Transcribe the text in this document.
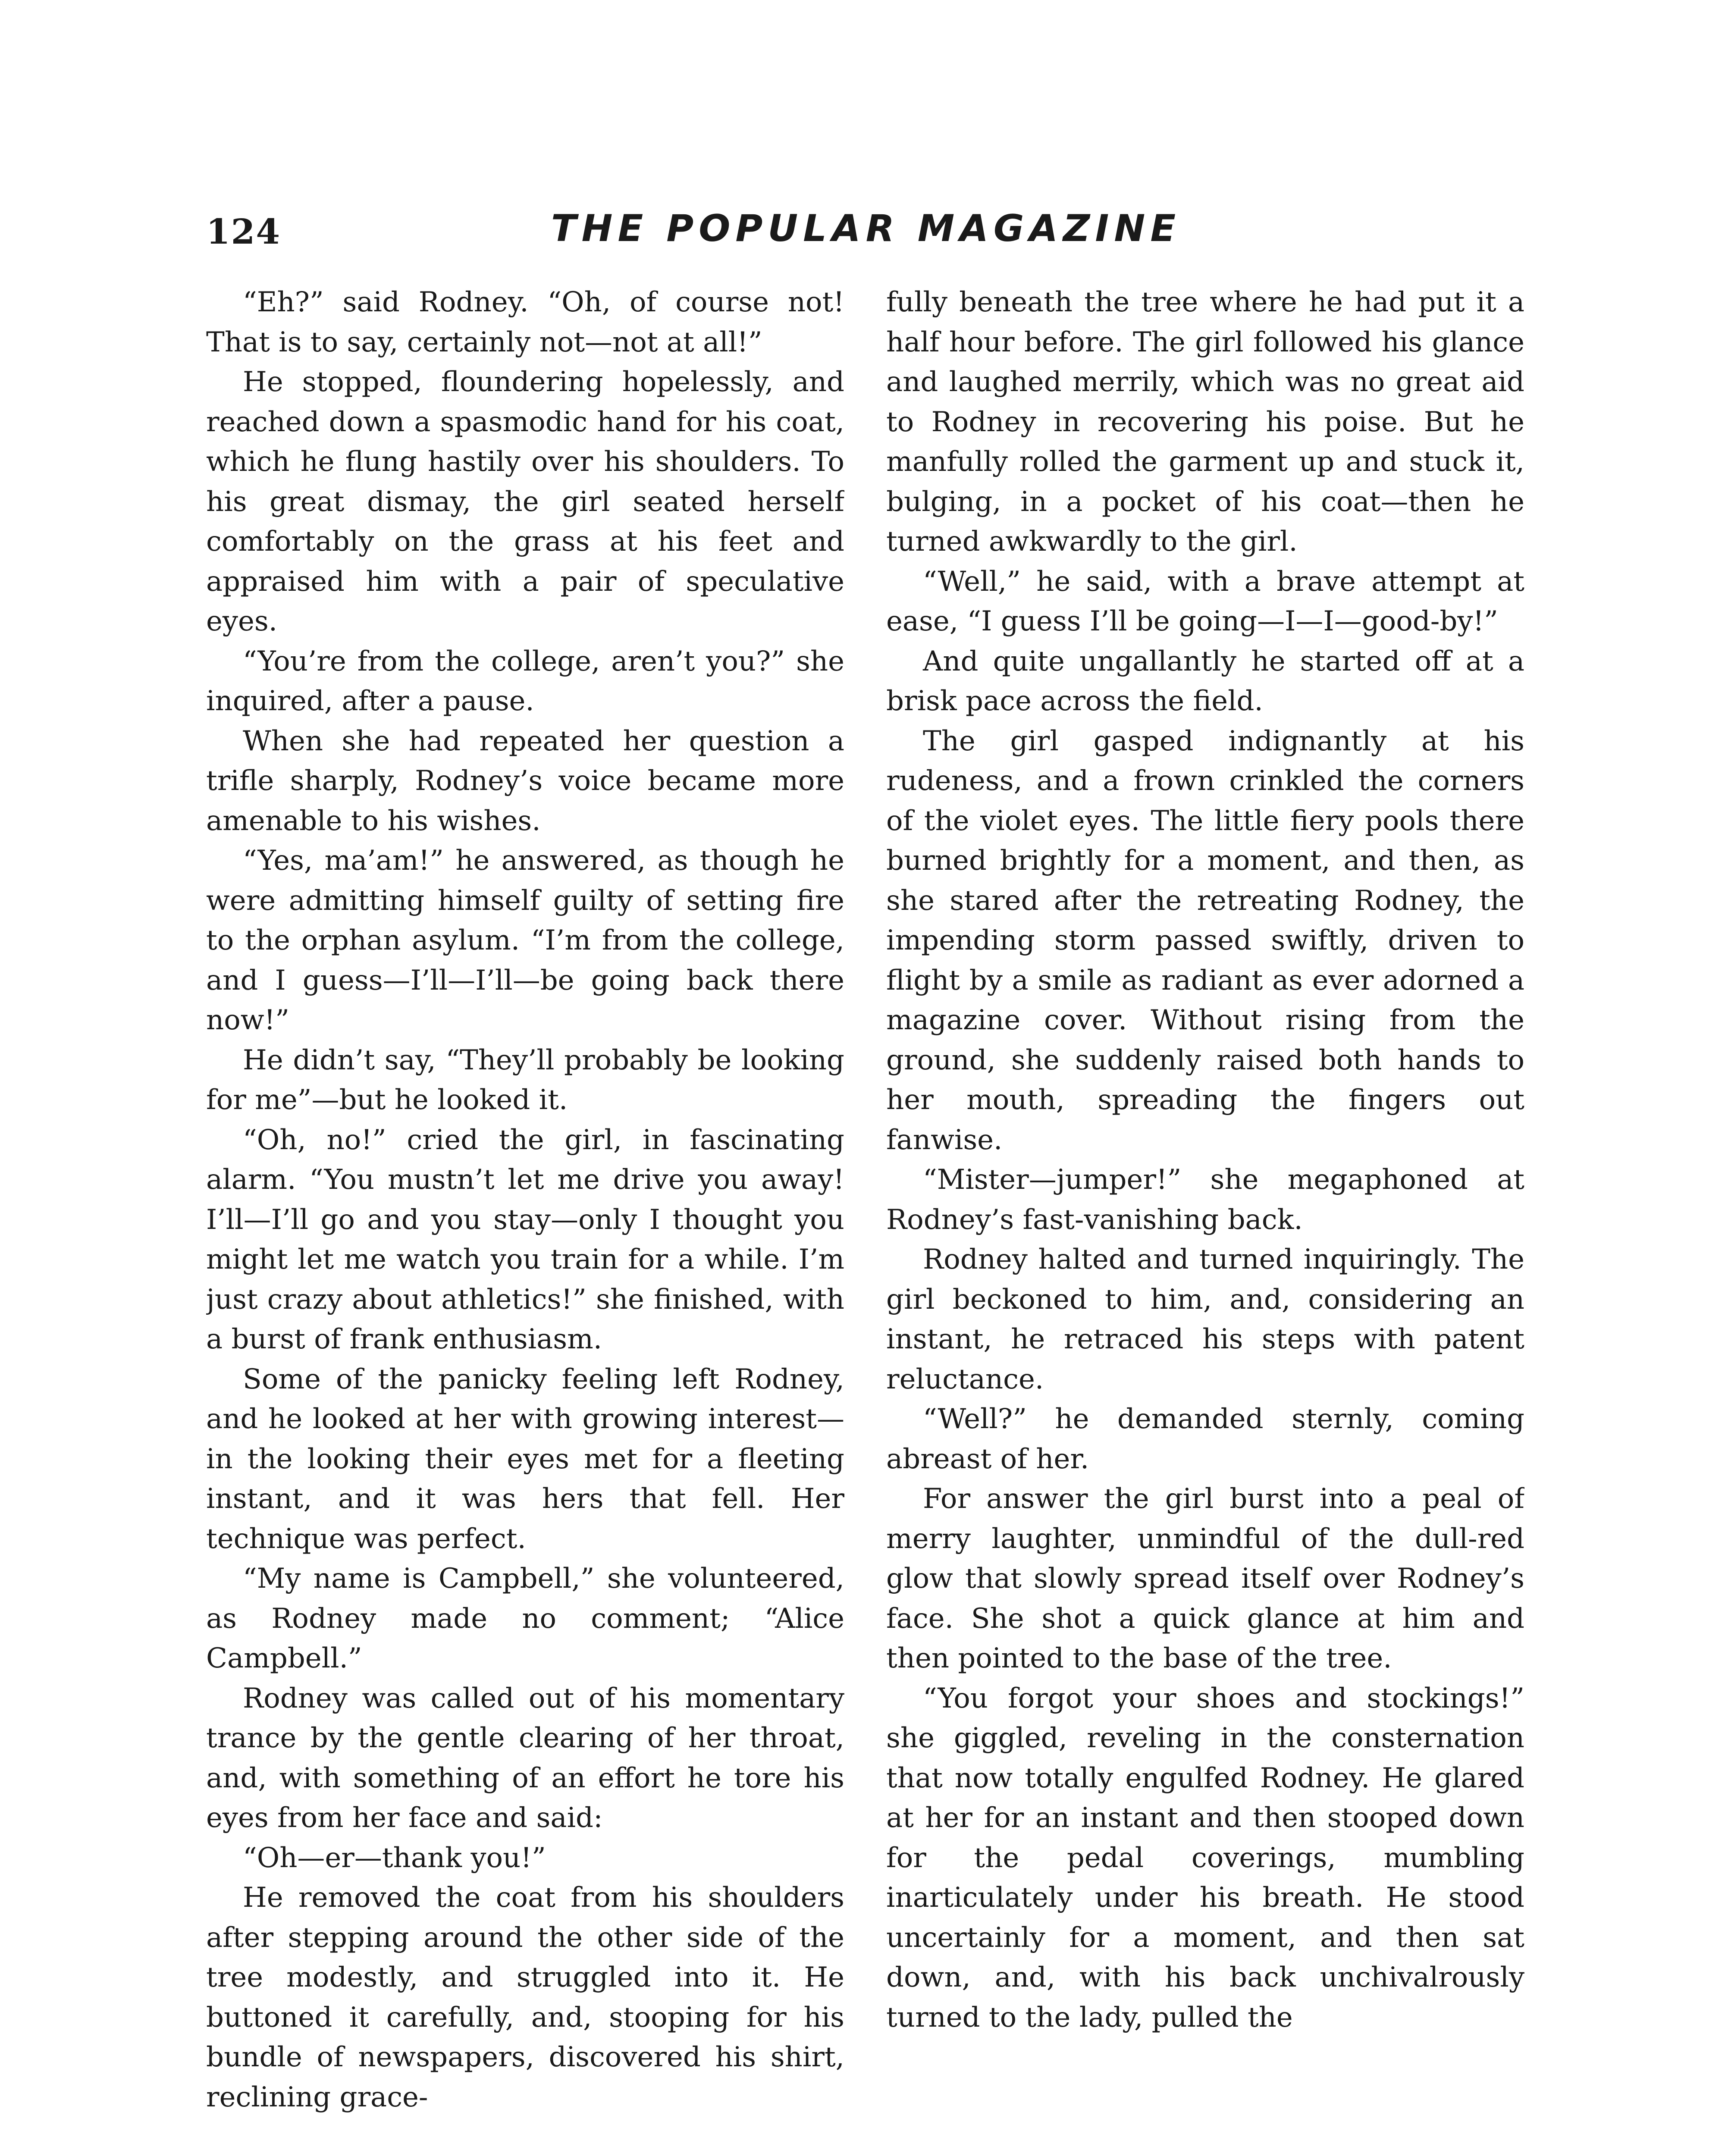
124	THE POPULAR MAGAZINE

“Eh?” said Rodney. “Oh, of course not! That is to say, certainly not—not at all!”

He stopped, floundering hopelessly, and reached down a spasmodic hand for his coat, which he flung hastily over his shoulders. To his great dismay, the girl seated herself comfortably on the grass at his feet and appraised him with a pair of speculative eyes.

“You’re from the college, aren’t you?” she inquired, after a pause.

When she had repeated her question a trifle sharply, Rodney’s voice became more amenable to his wishes.

“Yes, ma’am!” he answered, as though he were admitting himself guilty of setting fire to the orphan asylum. “I’m from the college, and I guess—I’ll—I’ll—be going back there now!”

He didn’t say, “They’ll probably be looking for me”—but he looked it.

“Oh, no!” cried the girl, in fascinating alarm. “You mustn’t let me drive you away! I’ll—I’ll go and you stay—only I thought you might let me watch you train for a while. I’m just crazy about athletics!” she finished, with a burst of frank enthusiasm.

Some of the panicky feeling left Rodney, and he looked at her with growing interest—in the looking their eyes met for a fleeting instant, and it was hers that fell. Her technique was perfect.

“My name is Campbell,” she volunteered, as Rodney made no comment; “Alice Campbell.”

Rodney was called out of his momentary trance by the gentle clearing of her throat, and, with something of an effort he tore his eyes from her face and said:

“Oh—er—thank you!”

He removed the coat from his shoulders after stepping around the other side of the tree modestly, and struggled into it. He buttoned it carefully, and, stooping for his bundle of newspapers, discovered his shirt, reclining grace-

fully beneath the tree where he had put it a half hour before. The girl followed his glance and laughed merrily, which was no great aid to Rodney in recovering his poise. But he manfully rolled the garment up and stuck it, bulging, in a pocket of his coat—then he turned awkwardly to the girl.

“Well,” he said, with a brave attempt at ease, “I guess I’ll be going—I—I—good-by!”

And quite ungallantly he started off at a brisk pace across the field.

The girl gasped indignantly at his rudeness, and a frown crinkled the corners of the violet eyes. The little fiery pools there burned brightly for a moment, and then, as she stared after the retreating Rodney, the impending storm passed swiftly, driven to flight by a smile as radiant as ever adorned a magazine cover. Without rising from the ground, she suddenly raised both hands to her mouth, spreading the fingers out fanwise.

“Mister—jumper!” she megaphoned at Rodney’s fast-vanishing back.

Rodney halted and turned inquiringly. The girl beckoned to him, and, considering an instant, he retraced his steps with patent reluctance.

“Well?” he demanded sternly, coming abreast of her.

For answer the girl burst into a peal of merry laughter, unmindful of the dull-red glow that slowly spread itself over Rodney’s face. She shot a quick glance at him and then pointed to the base of the tree.

“You forgot your shoes and stockings!” she giggled, reveling in the consternation that now totally engulfed Rodney. He glared at her for an instant and then stooped down for the pedal coverings, mumbling inarticulately under his breath. He stood uncertainly for a moment, and then sat down, and, with his back unchivalrously turned to the lady, pulled the
